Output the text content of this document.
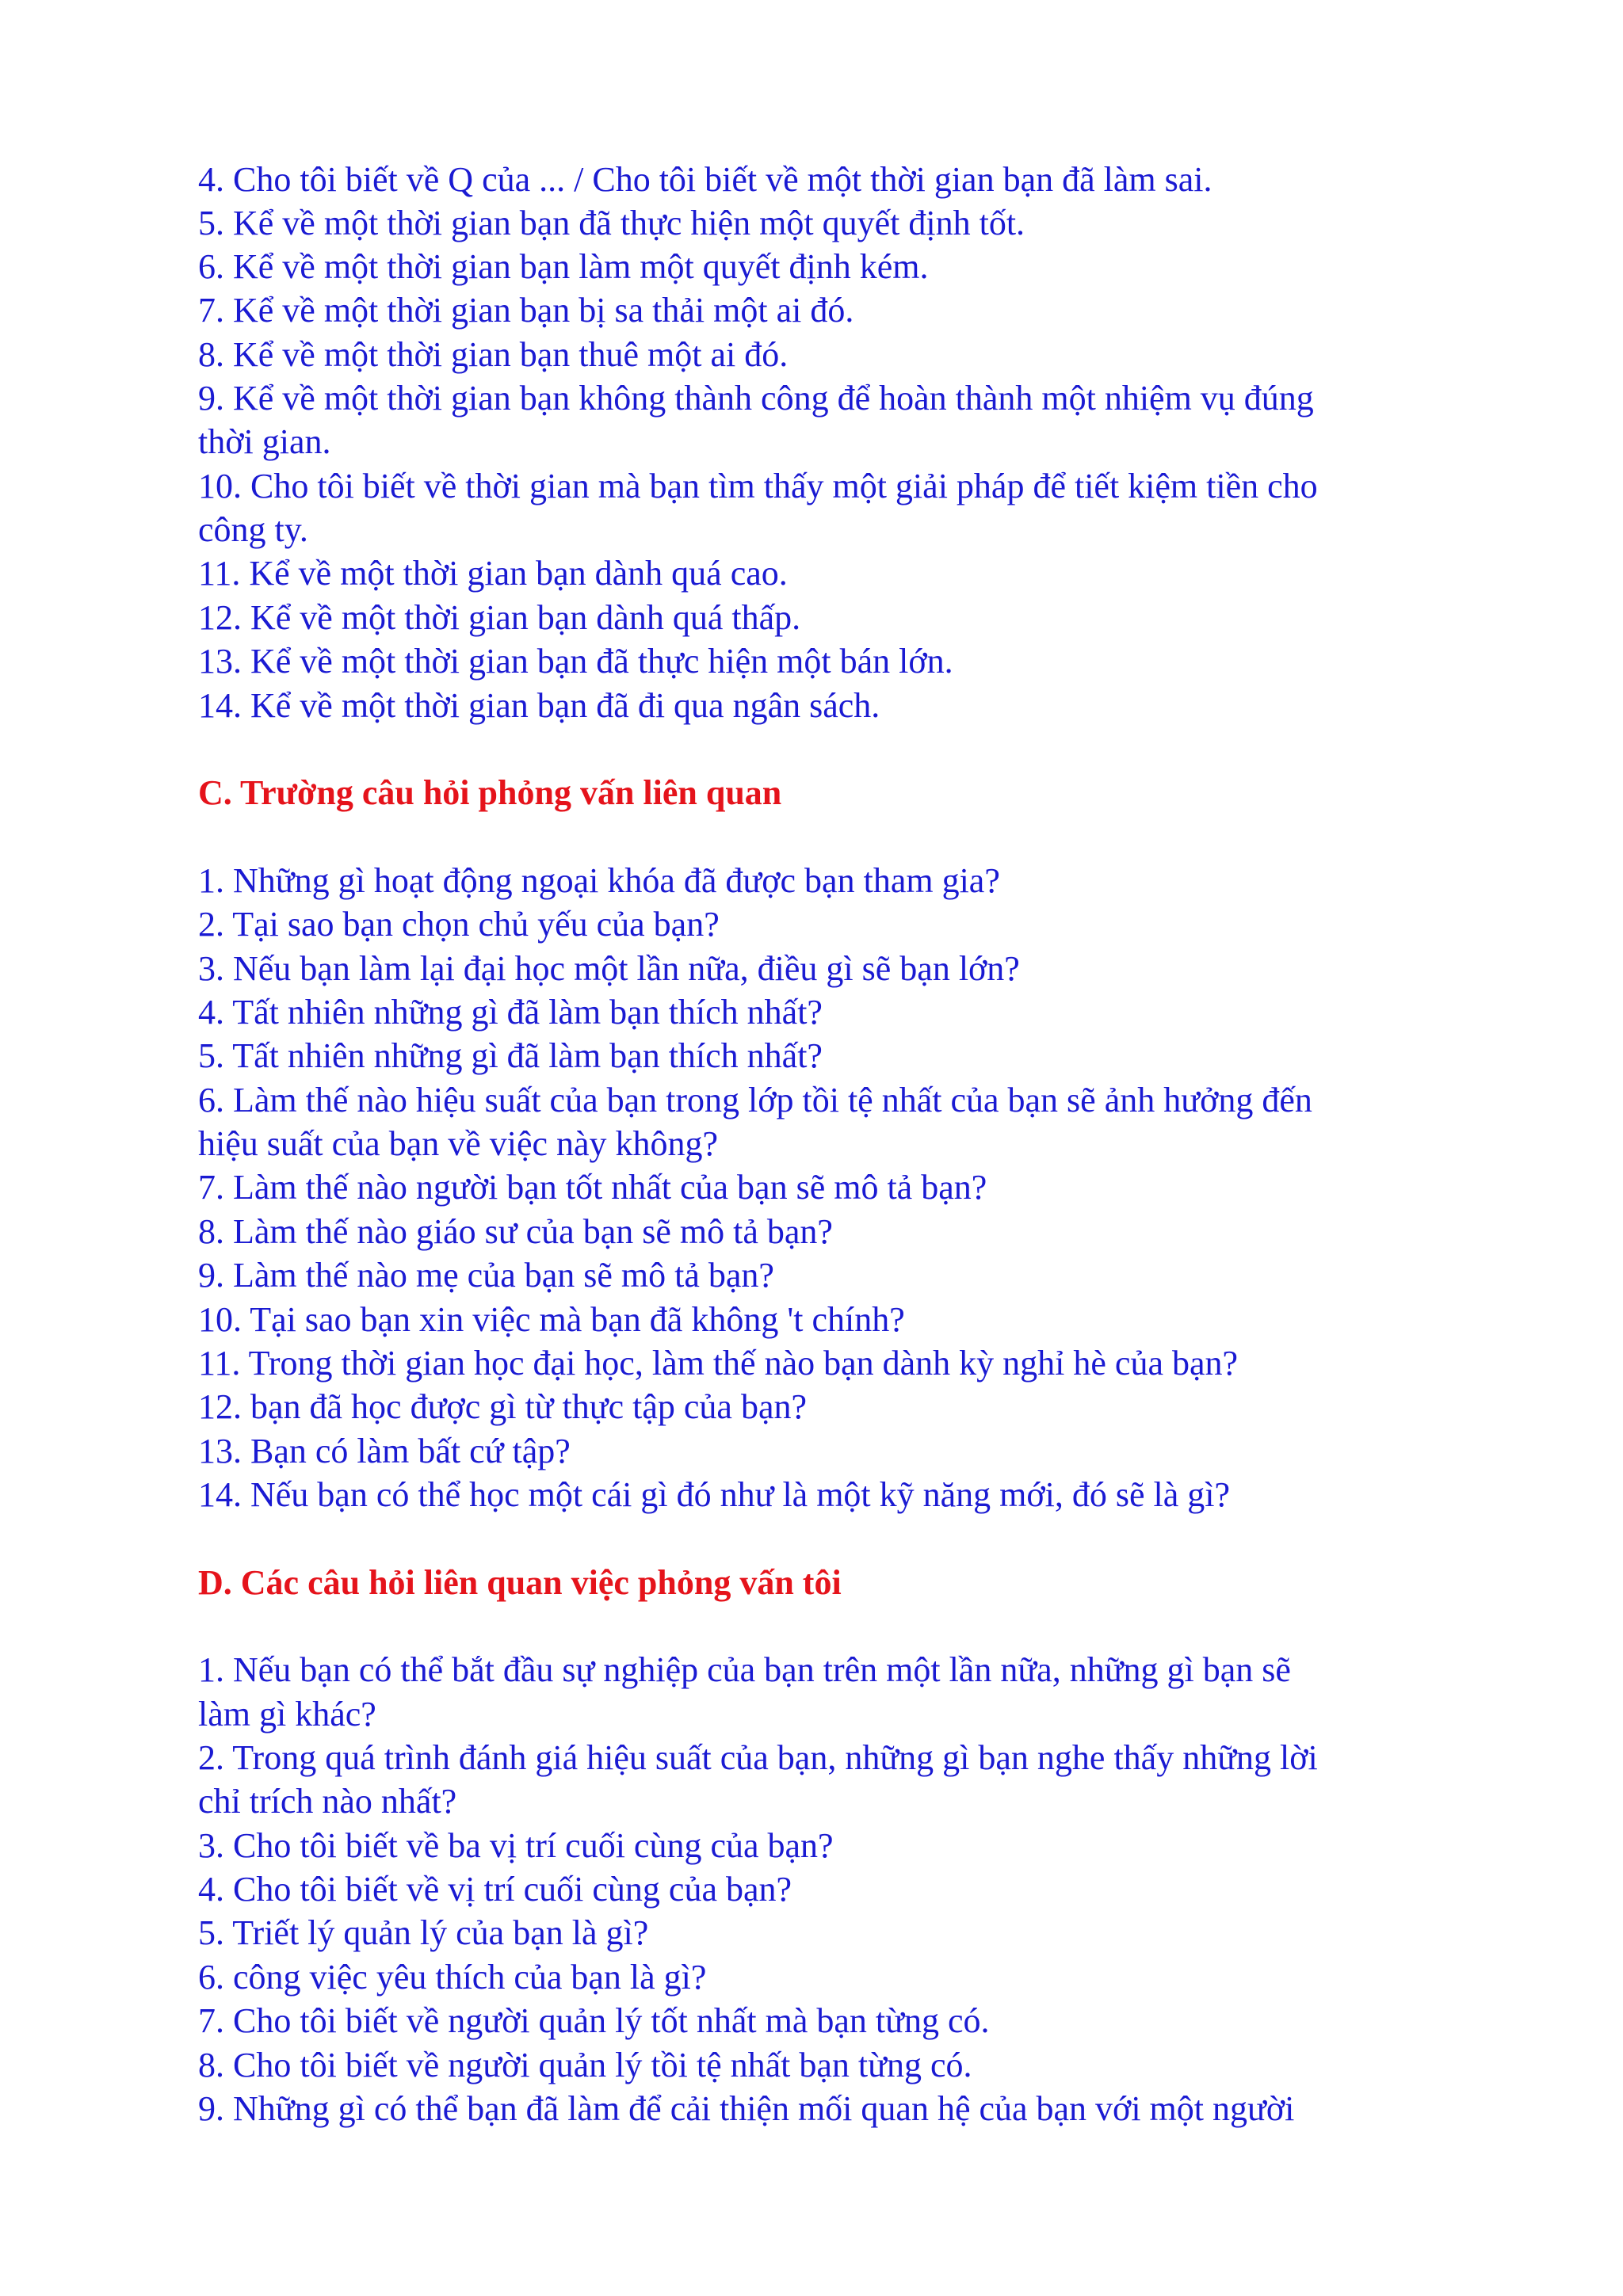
4. Cho tôi biết về Q của ... / Cho tôi biết về một thời gian bạn đã làm sai.

5. Kể về một thời gian bạn đã thực hiện một quyết định tốt.

6. Kể về một thời gian bạn làm một quyết định kém.

7. Kể về một thời gian bạn bị sa thải một ai đó.

8. Kể về một thời gian bạn thuê một ai đó.

9. Kể về một thời gian bạn không thành công để hoàn thành một nhiệm vụ đúng

thời gian.

10. Cho tôi biết về thời gian mà bạn tìm thấy một giải pháp để tiết kiệm tiền cho

công ty.

11. Kể về một thời gian bạn dành quá cao.

12. Kể về một thời gian bạn dành quá thấp.

13. Kể về một thời gian bạn đã thực hiện một bán lớn.

14. Kể về một thời gian bạn đã đi qua ngân sách.

C. Trường câu hỏi phỏng vấn liên quan

1. Những gì hoạt động ngoại khóa đã được bạn tham gia?

2. Tại sao bạn chọn chủ yếu của bạn?

3. Nếu bạn làm lại đại học một lần nữa, điều gì sẽ bạn lớn?

4. Tất nhiên những gì đã làm bạn thích nhất?

5. Tất nhiên những gì đã làm bạn thích nhất?

6. Làm thế nào hiệu suất của bạn trong lớp tồi tệ nhất của bạn sẽ ảnh hưởng đến

hiệu suất của bạn về việc này không?

7. Làm thế nào người bạn tốt nhất của bạn sẽ mô tả bạn?

8. Làm thế nào giáo sư của bạn sẽ mô tả bạn?

9. Làm thế nào mẹ của bạn sẽ mô tả bạn?

10. Tại sao bạn xin việc mà bạn đã không 't chính?

11. Trong thời gian học đại học, làm thế nào bạn dành kỳ nghỉ hè của bạn?

12. bạn đã học được gì từ thực tập của bạn?

13. Bạn có làm bất cứ tập?

14. Nếu bạn có thể học một cái gì đó như là một kỹ năng mới, đó sẽ là gì?

D. Các câu hỏi liên quan việc phỏng vấn tôi

1. Nếu bạn có thể bắt đầu sự nghiệp của bạn trên một lần nữa, những gì bạn sẽ

làm gì khác?

2. Trong quá trình đánh giá hiệu suất của bạn, những gì bạn nghe thấy những lời

chỉ trích nào nhất?

3. Cho tôi biết về ba vị trí cuối cùng của bạn?

4. Cho tôi biết về vị trí cuối cùng của bạn?

5. Triết lý quản lý của bạn là gì?

6. công việc yêu thích của bạn là gì?

7. Cho tôi biết về người quản lý tốt nhất mà bạn từng có.

8. Cho tôi biết về người quản lý tồi tệ nhất bạn từng có.

9. Những gì có thể bạn đã làm để cải thiện mối quan hệ của bạn với một người
